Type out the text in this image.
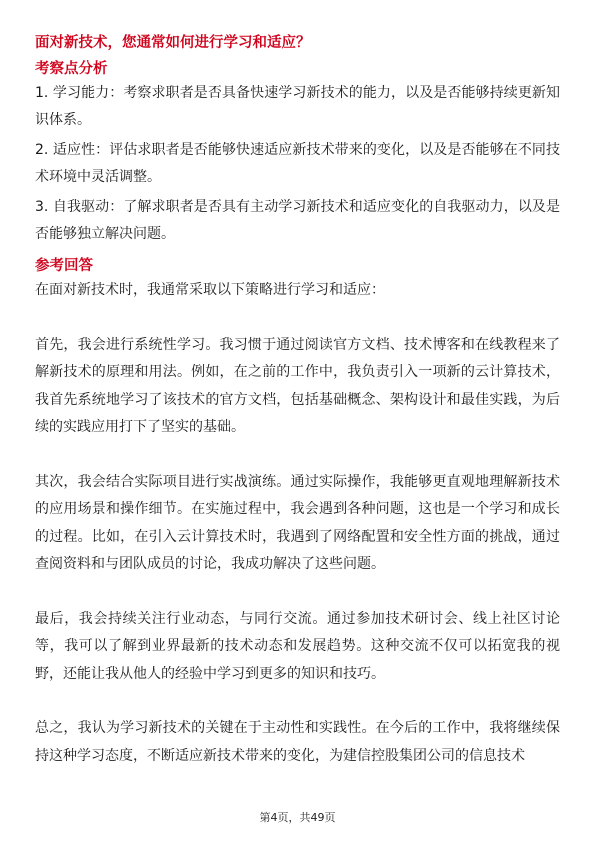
面对新技术，您通常如何进行学习和适应？
考察点分析
1. 学习能力：考察求职者是否具备快速学习新技术的能力，以及是否能够持续更新知识体系。
2. 适应性：评估求职者是否能够快速适应新技术带来的变化，以及是否能够在不同技术环境中灵活调整。
3. 自我驱动：了解求职者是否具有主动学习新技术和适应变化的自我驱动力，以及是否能够独立解决问题。
参考回答

在面对新技术时，我通常采取以下策略进行学习和适应：

首先，我会进行系统性学习。我习惯于通过阅读官方文档、技术博客和在线教程来了解新技术的原理和用法。例如，在之前的工作中，我负责引入一项新的云计算技术，我首先系统地学习了该技术的官方文档，包括基础概念、架构设计和最佳实践，为后续的实践应用打下了坚实的基础。

其次，我会结合实际项目进行实战演练。通过实际操作，我能够更直观地理解新技术的应用场景和操作细节。在实施过程中，我会遇到各种问题，这也是一个学习和成长的过程。比如，在引入云计算技术时，我遇到了网络配置和安全性方面的挑战，通过查阅资料和与团队成员的讨论，我成功解决了这些问题。

最后，我会持续关注行业动态，与同行交流。通过参加技术研讨会、线上社区讨论等，我可以了解到业界最新的技术动态和发展趋势。这种交流不仅可以拓宽我的视野，还能让我从他人的经验中学习到更多的知识和技巧。

总之，我认为学习新技术的关键在于主动性和实践性。在今后的工作中，我将继续保持这种学习态度，不断适应新技术带来的变化，为建信控股集团公司的信息技术

第4页，共49页
